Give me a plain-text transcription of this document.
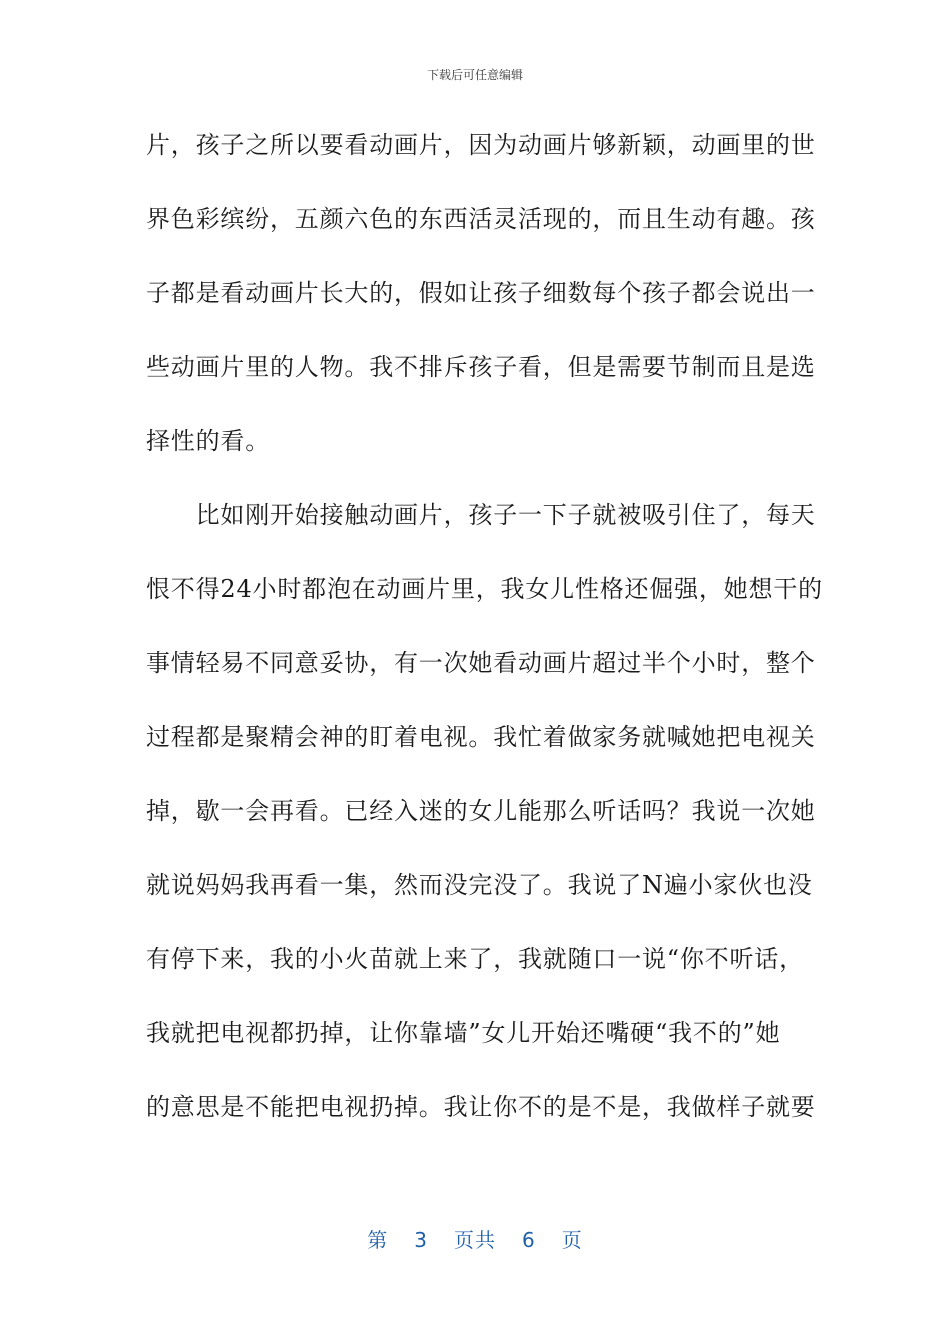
下载后可任意编辑
片，孩子之所以要看动画片，因为动画片够新颖，动画里的世
界色彩缤纷，五颜六色的东西活灵活现的，而且生动有趣。孩
子都是看动画片长大的，假如让孩子细数每个孩子都会说出一
些动画片里的人物。我不排斥孩子看，但是需要节制而且是选
择性的看。
　　比如刚开始接触动画片，孩子一下子就被吸引住了，每天
恨不得24小时都泡在动画片里，我女儿性格还倔强，她想干的
事情轻易不同意妥协，有一次她看动画片超过半个小时，整个
过程都是聚精会神的盯着电视。我忙着做家务就喊她把电视关
掉，歇一会再看。已经入迷的女儿能那么听话吗？我说一次她
就说妈妈我再看一集，然而没完没了。我说了N遍小家伙也没
有停下来，我的小火苗就上来了，我就随口一说“你不听话，
我就把电视都扔掉，让你靠墙”女儿开始还嘴硬“我不的”她
的意思是不能把电视扔掉。我让你不的是不是，我做样子就要
第 3 页共 6 页
